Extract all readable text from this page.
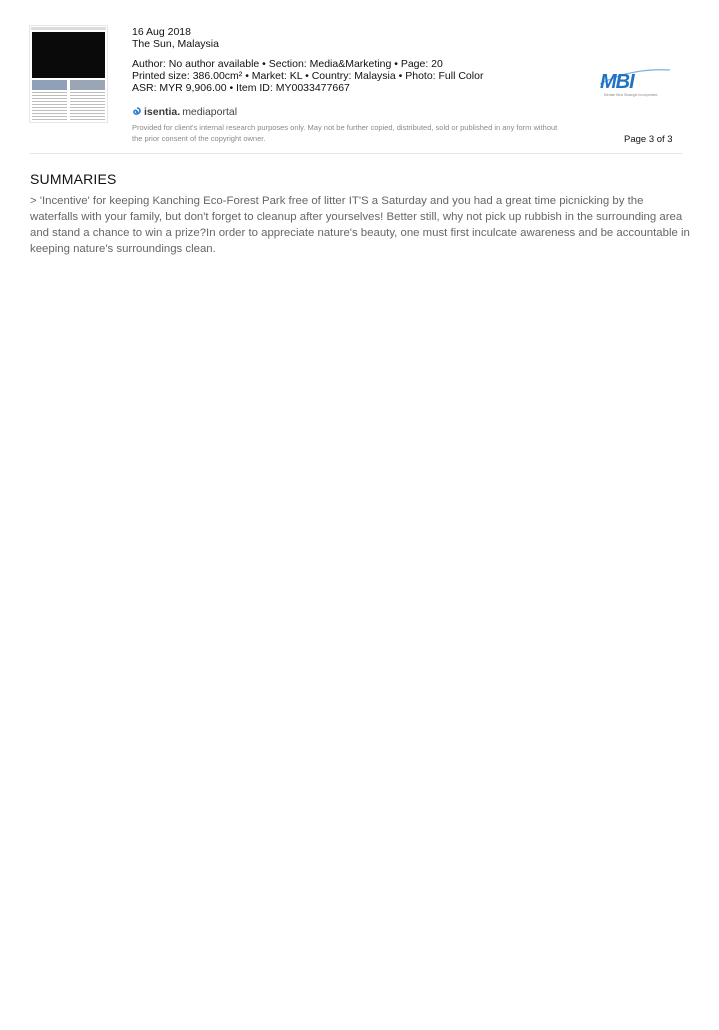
16 Aug 2018
The Sun, Malaysia
Author: No author available • Section: Media&Marketing • Page: 20
Printed size: 386.00cm² • Market: KL • Country: Malaysia • Photo: Full Color
ASR: MYR 9,906.00 • Item ID: MY0033477667
isentia. mediaportal
Provided for client's internal research purposes only. May not be further copied, distributed, sold or published in any form without the prior consent of the copyright owner.
MBI
Mentari Bina Strategic Incorporated
Page 3 of 3
SUMMARIES
> 'Incentive' for keeping Kanching Eco-Forest Park free of litter IT'S a Saturday and you had a great time picnicking by the waterfalls with your family, but don't forget to cleanup after yourselves! Better still, why not pick up rubbish in the surrounding area and stand a chance to win a prize?In order to appreciate nature's beauty, one must first inculcate awareness and be accountable in keeping nature's surroundings clean.
